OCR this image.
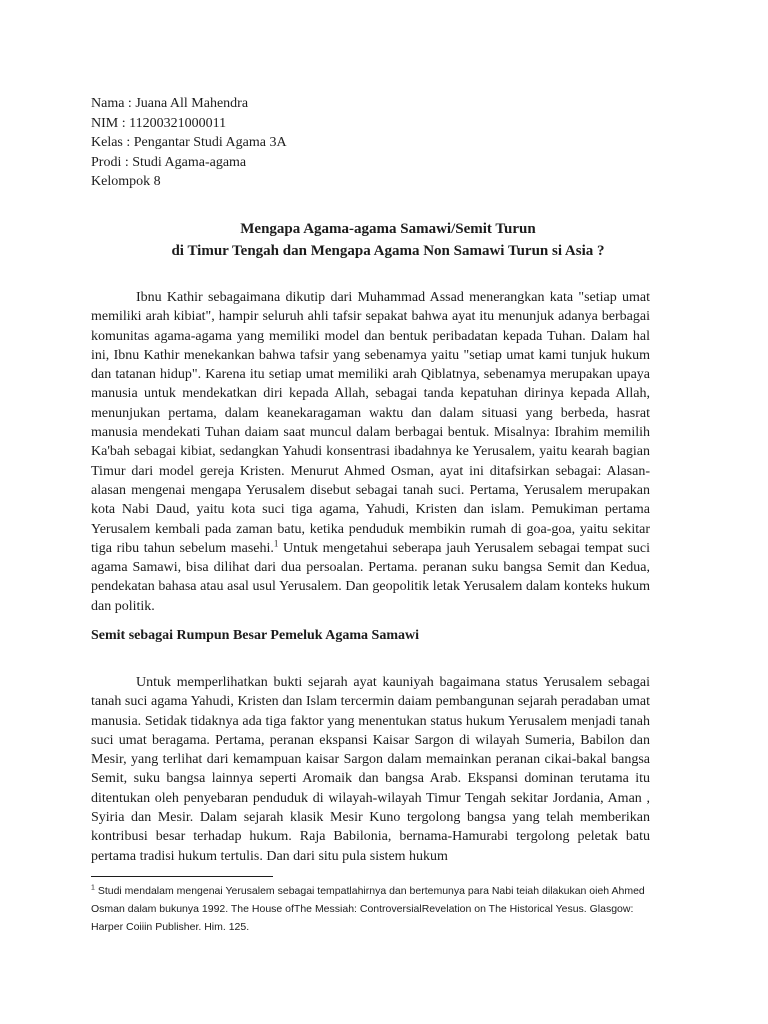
Nama : Juana All Mahendra
NIM : 11200321000011
Kelas : Pengantar Studi Agama 3A
Prodi : Studi Agama-agama
Kelompok 8
Mengapa Agama-agama Samawi/Semit Turun
di Timur Tengah dan Mengapa Agama Non Samawi Turun si Asia ?

Ibnu Kathir sebagaimana dikutip dari Muhammad Assad menerangkan kata "setiap umat memiliki arah kibiat", hampir seluruh ahli tafsir sepakat bahwa ayat itu menunjuk adanya berbagai komunitas agama-agama yang memiliki model dan bentuk peribadatan kepada Tuhan. Dalam hal ini, Ibnu Kathir menekankan bahwa tafsir yang sebenamya yaitu "setiap umat kami tunjuk hukum dan tatanan hidup". Karena itu setiap umat memiliki arah Qiblatnya, sebenamya merupakan upaya manusia untuk mendekatkan diri kepada Allah, sebagai tanda kepatuhan dirinya kepada Allah, menunjukan pertama, dalam keanekaragaman waktu dan dalam situasi yang berbeda, hasrat manusia mendekati Tuhan daiam saat muncul dalam berbagai bentuk. Misalnya: Ibrahim memilih Ka'bah sebagai kibiat, sedangkan Yahudi konsentrasi ibadahnya ke Yerusalem, yaitu kearah bagian Timur dari model gereja Kristen. Menurut Ahmed Osman, ayat ini ditafsirkan sebagai: Alasan-alasan mengenai mengapa Yerusalem disebut sebagai tanah suci. Pertama, Yerusalem merupakan kota Nabi Daud, yaitu kota suci tiga agama, Yahudi, Kristen dan islam. Pemukiman pertama Yerusalem kembali pada zaman batu, ketika penduduk membikin rumah di goa-goa, yaitu sekitar tiga ribu tahun sebelum masehi.$^1$ Untuk mengetahui seberapa jauh Yerusalem sebagai tempat suci agama Samawi, bisa dilihat dari dua persoalan. Pertama. peranan suku bangsa Semit dan Kedua, pendekatan bahasa atau asal usul Yerusalem. Dan geopolitik letak Yerusalem dalam konteks hukum dan politik.

Semit sebagai Rumpun Besar Pemeluk Agama Samawi

Untuk memperlihatkan bukti sejarah ayat kauniyah bagaimana status Yerusalem sebagai tanah suci agama Yahudi, Kristen dan Islam tercermin daiam pembangunan sejarah peradaban umat manusia. Setidak tidaknya ada tiga faktor yang menentukan status hukum Yerusalem menjadi tanah suci umat beragama. Pertama, peranan ekspansi Kaisar Sargon di wilayah Sumeria, Babilon dan Mesir, yang terlihat dari kemampuan kaisar Sargon dalam memainkan peranan cikai-bakal bangsa Semit, suku bangsa lainnya seperti Aromaik dan bangsa Arab. Ekspansi dominan terutama itu ditentukan oleh penyebaran penduduk di wilayah-wilayah Timur Tengah sekitar Jordania, Aman , Syiria dan Mesir. Dalam sejarah klasik Mesir Kuno tergolong bangsa yang telah memberikan kontribusi besar terhadap hukum. Raja Babilonia, bernama-Hamurabi tergolong peletak batu pertama tradisi hukum tertulis. Dan dari situ pula sistem hukum

$^1$ Studi mendalam mengenai Yerusalem sebagai tempatlahirnya dan bertemunya para Nabi teiah dilakukan oieh Ahmed Osman dalam bukunya 1992. The House ofThe Messiah: ControversialRevelation on The Historical Yesus. Glasgow: Harper Coiiin Publisher. Him. 125.
